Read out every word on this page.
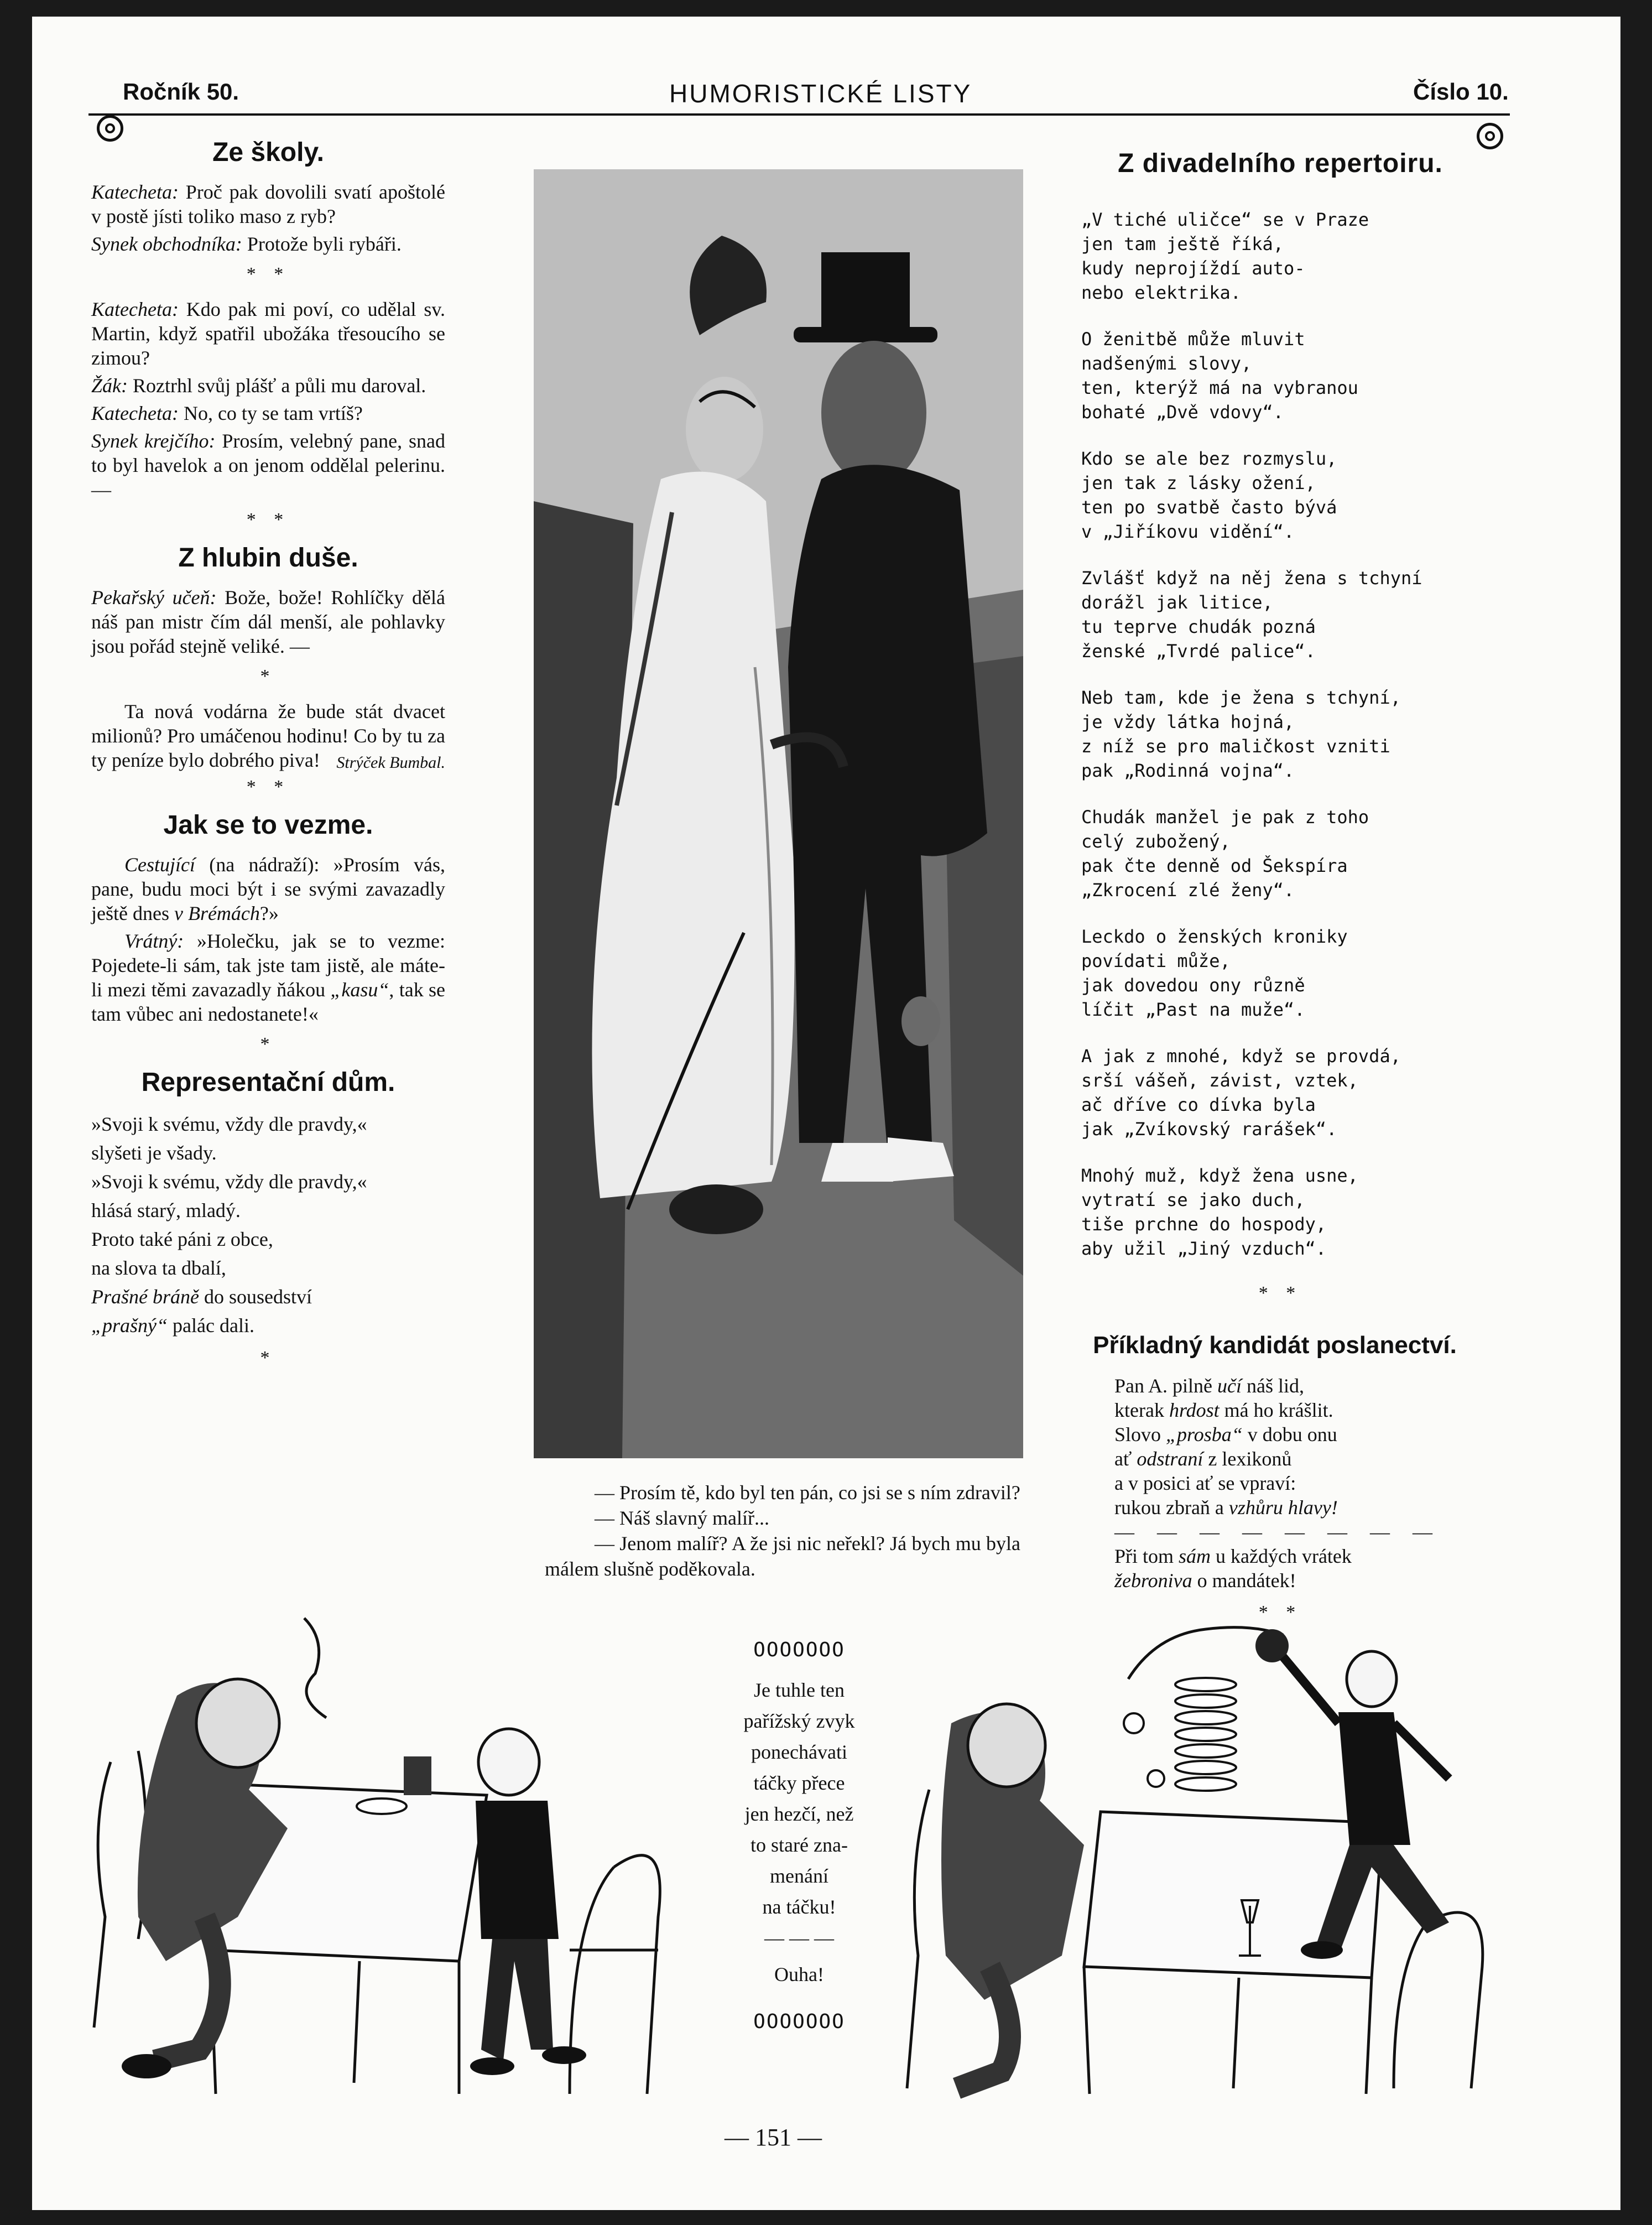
Ročník 50.	HUMORISTICKÉ LISTY	Číslo 10.
Ze školy.

Katecheta: Proč pak dovolili svatí apoštolé v postě jísti toliko maso z ryb?

Synek obchodníka: Protože byli rybáři.

* *

Katecheta: Kdo pak mi poví, co udělal sv. Martin, když spatřil ubožáka třesoucího se zimou?

Žák: Roztrhl svůj plášť a půli mu daroval.

Katecheta: No, co ty se tam vrtíš?

Synek krejčího: Prosím, velebný pane, snad to byl havelok a on jenom oddělal pelerinu. —

* *
Z hlubin duše.

Pekařský učeň: Bože, bože! Rohlíčky dělá náš pan mistr čím dál menší, ale pohlavky jsou pořád stejně veliké. —

*

Ta nová vodárna že bude stát dvacet milionů? Pro umáčenou hodinu! Co by tu za ty peníze bylo dobrého piva! Strýček Bumbal.
* *
Jak se to vezme.

Cestující (na nádraží): »Prosím vás, pane, budu moci být i se svými zavazadly ještě dnes v Brémách?»

Vrátný: »Holečku, jak se to vezme: Pojedete-li sám, tak jste tam jistě, ale máte-li mezi těmi zavazadly ňákou „kasu“, tak se tam vůbec ani nedostanete!«

*
Representační dům.

»Svoji k svému, vždy dle pravdy,«

slyšeti je všady.

»Svoji k svému, vždy dle pravdy,«

hlásá starý, mladý.

Proto také páni z obce,

na slova ta dbalí,

Prašné bráně do sousedství

„prašný“ palác dali.

*

— Prosím tě, kdo byl ten pán, co jsi se s ním zdravil?

— Náš slavný malíř...

— Jenom malíř? A že jsi nic neřekl? Já bych mu byla málem slušně poděkovala.

Z divadelního repertoiru.
„V tiché uličce“ se v Praze
jen tam ještě říká,
kudy neprojíždí auto-
nebo elektrika.
O ženitbě může mluvit
nadšenými slovy,
ten, kterýž má na vybranou
bohaté „Dvě vdovy“.
Kdo se ale bez rozmyslu,
jen tak z lásky ožení,
ten po svatbě často bývá
v „Jiříkovu vidění“.
Zvlášť když na něj žena s tchyní
dorážl jak litice,
tu teprve chudák pozná
ženské „Tvrdé palice“.
Neb tam, kde je žena s tchyní,
je vždy látka hojná,
z níž se pro maličkost vzniti
pak „Rodinná vojna“.
Chudák manžel je pak z toho
celý zubožený,
pak čte denně od Šekspíra
„Zkrocení zlé ženy“.
Leckdo o ženských kroniky
povídati může,
jak dovedou ony různě
líčit „Past na muže“.
A jak z mnohé, když se provdá,
srší vášeň, závist, vztek,
ač dříve co dívka byla
jak „Zvíkovský rarášek“.
Mnohý muž, když žena usne,
vytratí se jako duch,
tiše prchne do hospody,
aby užil „Jiný vzduch“.
* *
Příkladný kandidát poslanectví.
Pan A. pilně učí náš lid,
kterak hrdost má ho krášlit.
Slovo „prosba“ v dobu onu
ať odstraní z lexikonů
a v posici ať se vpraví:
rukou zbraň a vzhůru hlavy!
— — — — — — — —
Při tom sám u každých vrátek
žebroniva o mandátek!
* *
OOOOOOO
Je tuhle ten
pařížský zvyk
ponechávati
táčky přece
jen hezčí, než
to staré zna-
menání
na táčku!
— — —
Ouha!
OOOOOOO
— 151 —
